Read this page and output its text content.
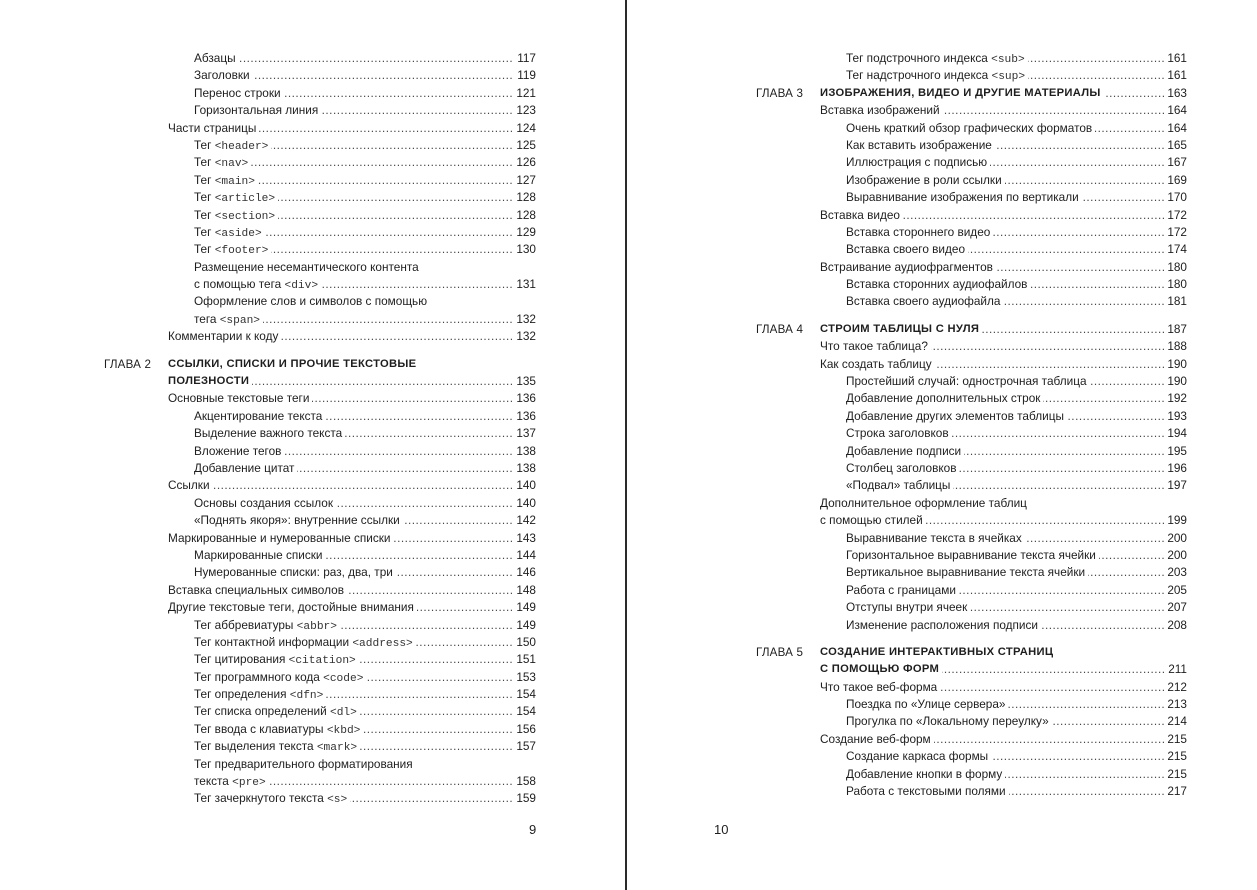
. . .
Абзацы	117
. . .
Заголовки	119
. . .
Перенос строки	121
. . .
Горизонтальная линия	123
. . .
Части страницы	124
. . .
Тег <header>	125
. . .
Тег <nav>	126
. . .
Тег <main>	127
. . .
Тег <article>	128
. . .
Тег <section>	128
. . .
Тег <aside>	129
. . .
Тег <footer>	130
Размещение несемантического контента
. . .
с помощью тега <div>	131
Оформление слов и символов с помощью
. . .
тега <span>	132
. . .
Комментарии к коду	132
ГЛАВА 2 ССЫЛКИ, СПИСКИ И ПРОЧИЕ ТЕКСТОВЫЕ
. . .
ПОЛЕЗНОСТИ	135
. . .
Основные текстовые теги	136
. . .
Акцентирование текста	136
. . .
Выделение важного текста	137
. . .
Вложение тегов	138
. . .
Добавление цитат	138
. . .
Ссылки	140
. . .
Основы создания ссылок	140
. . .
«Поднять якоря»: внутренние ссылки	142
. . .
Маркированные и нумерованные списки	143
. . .
Маркированные списки	144
. . .
Нумерованные списки: раз, два, три	146
. . .
Вставка специальных символов	148
. . .
Другие текстовые теги, достойные внимания	149
. . .
Тег аббревиатуры <abbr>	149
. . .
Тег контактной информации <address>	150
. . .
Тег цитирования <citation>	151
. . .
Тег программного кода <code>	153
. . .
Тег определения <dfn>	154
. . .
Тег списка определений <dl>	154
. . .
Тег ввода с клавиатуры <kbd>	156
. . .
Тег выделения текста <mark>	157
Тег предварительного форматирования
. . .
текста <pre>	158
. . .
Тег зачеркнутого текста <s>	159
. . .
Тег подстрочного индекса <sub>	161
. . .
Тег надстрочного индекса <sup>	161
ГЛАВА 3 . . . ИЗОБРАЖЕНИЯ, ВИДЕО И ДРУГИЕ МАТЕРИАЛЫ	163
. . .
Вставка изображений	164
. . .
Очень краткий обзор графических форматов	164
. . .
Как вставить изображение	165
. . .
Иллюстрация с подписью	167
. . .
Изображение в роли ссылки	169
. . .
Выравнивание изображения по вертикали	170
. . .
Вставка видео	172
. . .
Вставка стороннего видео	172
. . .
Вставка своего видео	174
. . .
Встраивание аудиофрагментов	180
. . .
Вставка сторонних аудиофайлов	180
. . .
Вставка своего аудиофайла	181
ГЛАВА 4 . . . СТРОИМ ТАБЛИЦЫ С НУЛЯ	187
. . .
Что такое таблица?	188
. . .
Как создать таблицу	190
. . .
Простейший случай: однострочная таблица	190
. . .
Добавление дополнительных строк	192
. . .
Добавление других элементов таблицы	193
. . .
Строка заголовков	194
. . .
Добавление подписи	195
. . .
Столбец заголовков	196
. . .
«Подвал» таблицы	197
Дополнительное оформление таблиц
. . .
с помощью стилей	199
. . .
Выравнивание текста в ячейках	200
. . .
Горизонтальное выравнивание текста ячейки	200
. . .
Вертикальное выравнивание текста ячейки	203
. . .
Работа с границами	205
. . .
Отступы внутри ячеек	207
. . .
Изменение расположения подписи	208
ГЛАВА 5 СОЗДАНИЕ ИНТЕРАКТИВНЫХ СТРАНИЦ
. . .
С ПОМОЩЬЮ ФОРМ	211
. . .
Что такое веб-форма	212
. . .
Поездка по «Улице сервера»	213
. . .
Прогулка по «Локальному переулку»	214
. . .
Создание веб-форм	215
. . .
Создание каркаса формы	215
. . .
Добавление кнопки в форму	215
. . .
Работа с текстовыми полями	217
9	10
